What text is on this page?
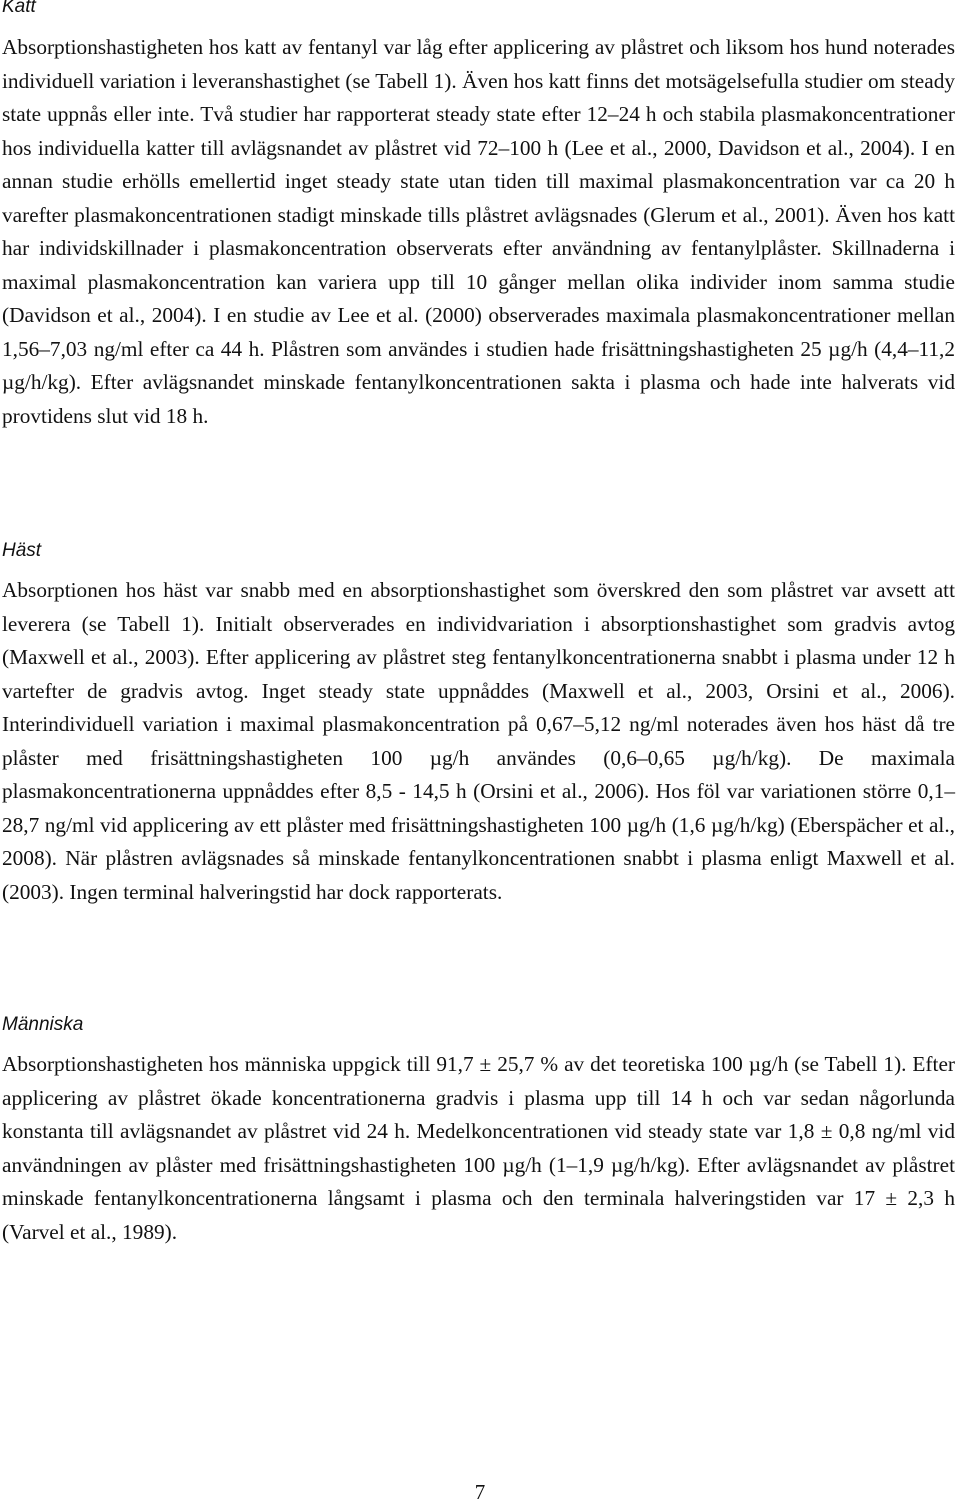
Katt

Absorptionshastigheten hos katt av fentanyl var låg efter applicering av plåstret och liksom hos hund noterades individuell variation i leveranshastighet (se Tabell 1). Även hos katt finns det motsägelsefulla studier om steady state uppnås eller inte. Två studier har rapporterat steady state efter 12–24 h och stabila plasmakoncentrationer hos individuella katter till avlägsnandet av plåstret vid 72–100 h (Lee et al., 2000, Davidson et al., 2004). I en annan studie erhölls emellertid inget steady state utan tiden till maximal plasmakoncentration var ca 20 h varefter plasmakoncentrationen stadigt minskade tills plåstret avlägsnades (Glerum et al., 2001). Även hos katt har individskillnader i plasmakoncentration observerats efter användning av fentanylplåster. Skillnaderna i maximal plasmakoncentration kan variera upp till 10 gånger mellan olika individer inom samma studie (Davidson et al., 2004). I en studie av Lee et al. (2000) observerades maximala plasmakoncentrationer mellan 1,56–7,03 ng/ml efter ca 44 h. Plåstren som användes i studien hade frisättningshastigheten 25 µg/h (4,4–11,2 µg/h/kg). Efter avlägsnandet minskade fentanylkoncentrationen sakta i plasma och hade inte halverats vid provtidens slut vid 18 h.

Häst

Absorptionen hos häst var snabb med en absorptionshastighet som överskred den som plåstret var avsett att leverera (se Tabell 1). Initialt observerades en individvariation i absorptionshastighet som gradvis avtog (Maxwell et al., 2003). Efter applicering av plåstret steg fentanylkoncentrationerna snabbt i plasma under 12 h vartefter de gradvis avtog. Inget steady state uppnåddes (Maxwell et al., 2003, Orsini et al., 2006). Interindividuell variation i maximal plasmakoncentration på 0,67–5,12 ng/ml noterades även hos häst då tre plåster med frisättningshastigheten 100 µg/h användes (0,6–0,65 µg/h/kg). De maximala plasmakoncentrationerna uppnåddes efter 8,5 - 14,5 h (Orsini et al., 2006). Hos föl var variationen större 0,1–28,7 ng/ml vid applicering av ett plåster med frisättningshastigheten 100 µg/h (1,6 µg/h/kg) (Eberspächer et al., 2008). När plåstren avlägsnades så minskade fentanylkoncentrationen snabbt i plasma enligt Maxwell et al. (2003). Ingen terminal halveringstid har dock rapporterats.

Människa

Absorptionshastigheten hos människa uppgick till 91,7 ± 25,7 % av det teoretiska 100 µg/h (se Tabell 1). Efter applicering av plåstret ökade koncentrationerna gradvis i plasma upp till 14 h och var sedan någorlunda konstanta till avlägsnandet av plåstret vid 24 h. Medelkoncentrationen vid steady state var 1,8 ± 0,8 ng/ml vid användningen av plåster med frisättningshastigheten 100 µg/h (1–1,9 µg/h/kg). Efter avlägsnandet av plåstret minskade fentanylkoncentrationerna långsamt i plasma och den terminala halveringstiden var 17 ± 2,3 h (Varvel et al., 1989).

7
